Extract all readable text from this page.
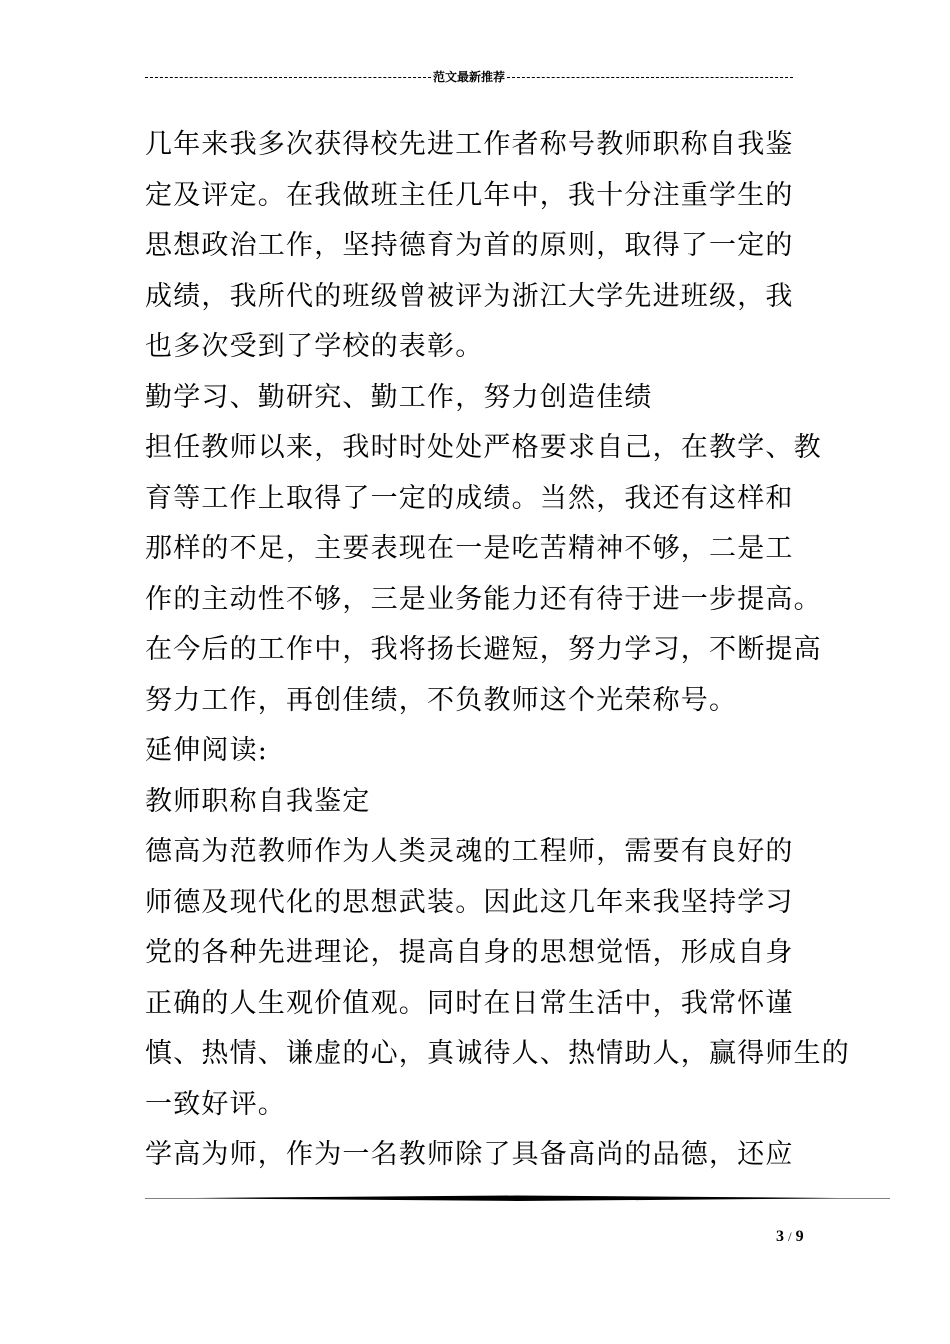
范文最新推荐
几年来我多次获得校先进工作者称号教师职称自我鉴
定及评定。在我做班主任几年中，我十分注重学生的
思想政治工作，坚持德育为首的原则，取得了一定的
成绩，我所代的班级曾被评为浙江大学先进班级，我
也多次受到了学校的表彰。
勤学习、勤研究、勤工作，努力创造佳绩
担任教师以来，我时时处处严格要求自己，在教学、教
育等工作上取得了一定的成绩。当然，我还有这样和
那样的不足，主要表现在一是吃苦精神不够，二是工
作的主动性不够，三是业务能力还有待于进一步提高。
在今后的工作中，我将扬长避短，努力学习，不断提高
努力工作，再创佳绩，不负教师这个光荣称号。
延伸阅读:
教师职称自我鉴定
德高为范教师作为人类灵魂的工程师，需要有良好的
师德及现代化的思想武装。因此这几年来我坚持学习
党的各种先进理论，提高自身的思想觉悟，形成自身
正确的人生观价值观。同时在日常生活中，我常怀谨
慎、热情、谦虚的心，真诚待人、热情助人，赢得师生的
一致好评。
学高为师，作为一名教师除了具备高尚的品德，还应
3 / 9
